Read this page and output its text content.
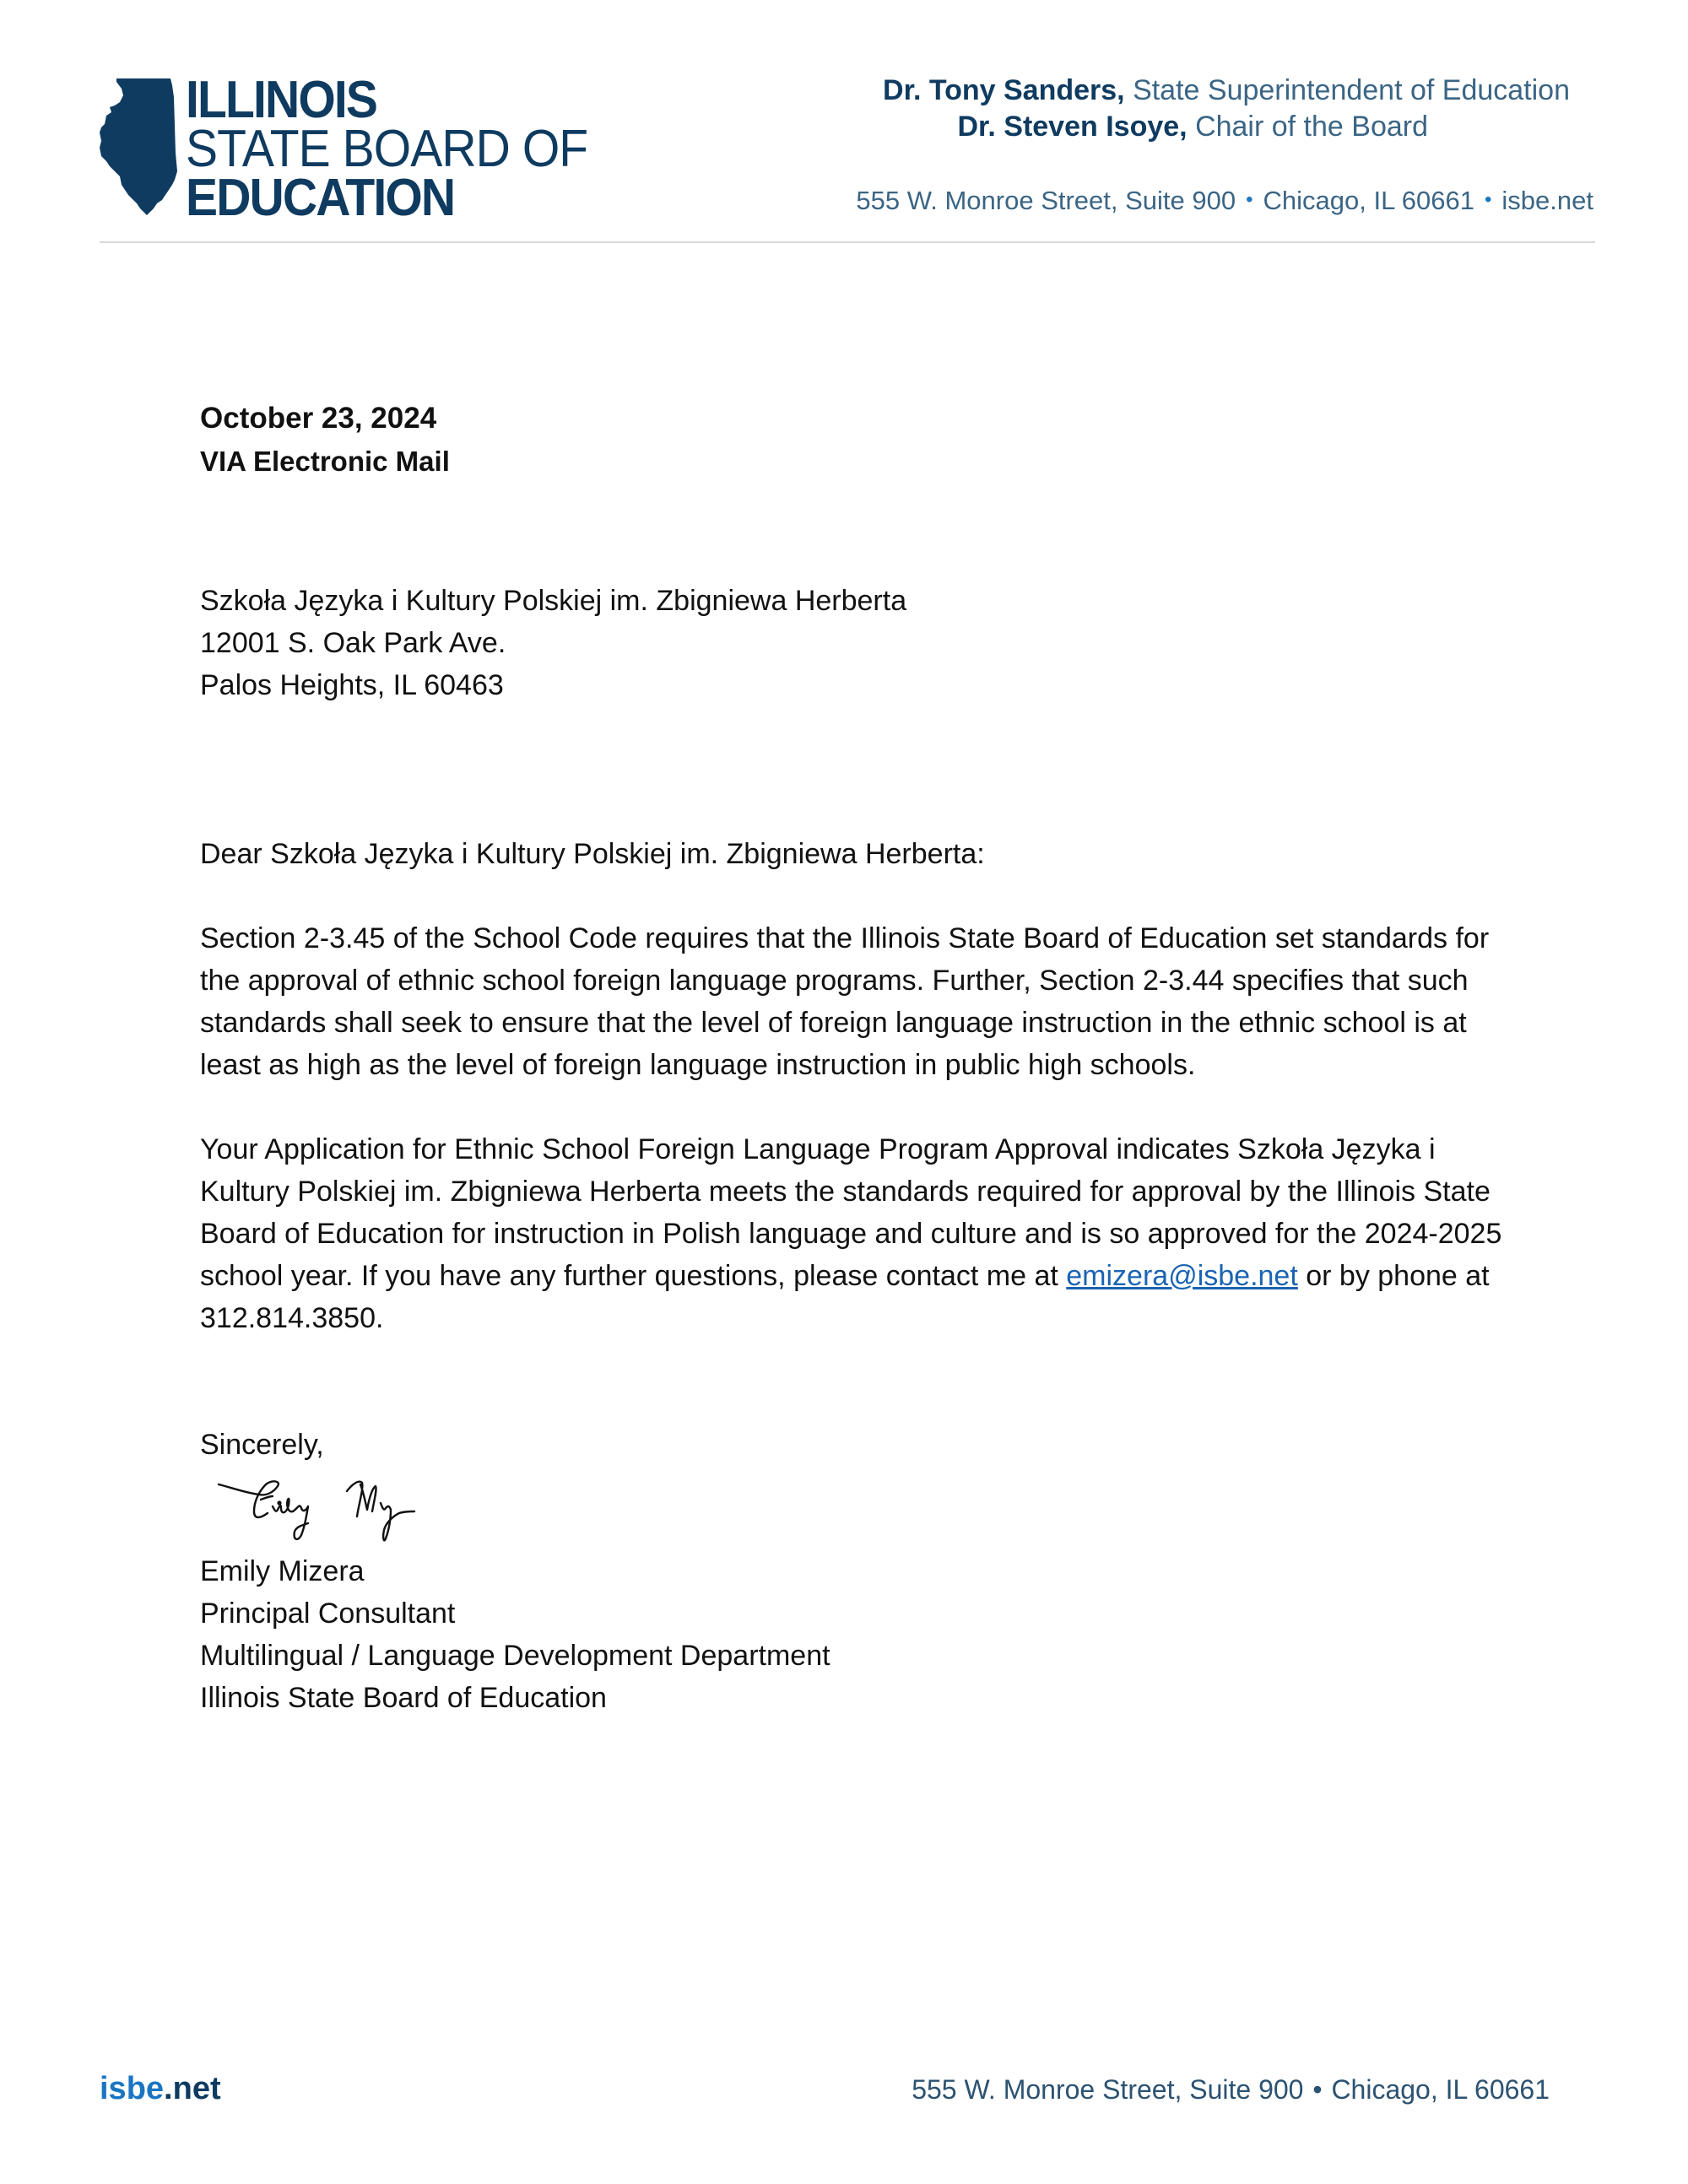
ILLINOIS
STATE BOARD OF
EDUCATION
Dr. Tony Sanders, State Superintendent of Education
Dr. Steven Isoye, Chair of the Board
555 W. Monroe Street, Suite 900 • Chicago, IL 60661 • isbe.net
October 23, 2024
VIA Electronic Mail
Szkoła Języka i Kultury Polskiej im. Zbigniewa Herberta
12001 S. Oak Park Ave.
Palos Heights, IL 60463
Dear Szkoła Języka i Kultury Polskiej im. Zbigniewa Herberta:

Section 2-3.45 of the School Code requires that the Illinois State Board of Education set standards for the approval of ethnic school foreign language programs. Further, Section 2-3.44 specifies that such standards shall seek to ensure that the level of foreign language instruction in the ethnic school is at least as high as the level of foreign language instruction in public high schools.

Your Application for Ethnic School Foreign Language Program Approval indicates Szkoła Języka i Kultury Polskiej im. Zbigniewa Herberta meets the standards required for approval by the Illinois State Board of Education for instruction in Polish language and culture and is so approved for the 2024-2025 school year. If you have any further questions, please contact me at emizera@isbe.net or by phone at 312.814.3850.

Sincerely,
Emily Mizera
Principal Consultant
Multilingual / Language Development Department
Illinois State Board of Education
isbe.net	555 W. Monroe Street, Suite 900 • Chicago, IL 60661
